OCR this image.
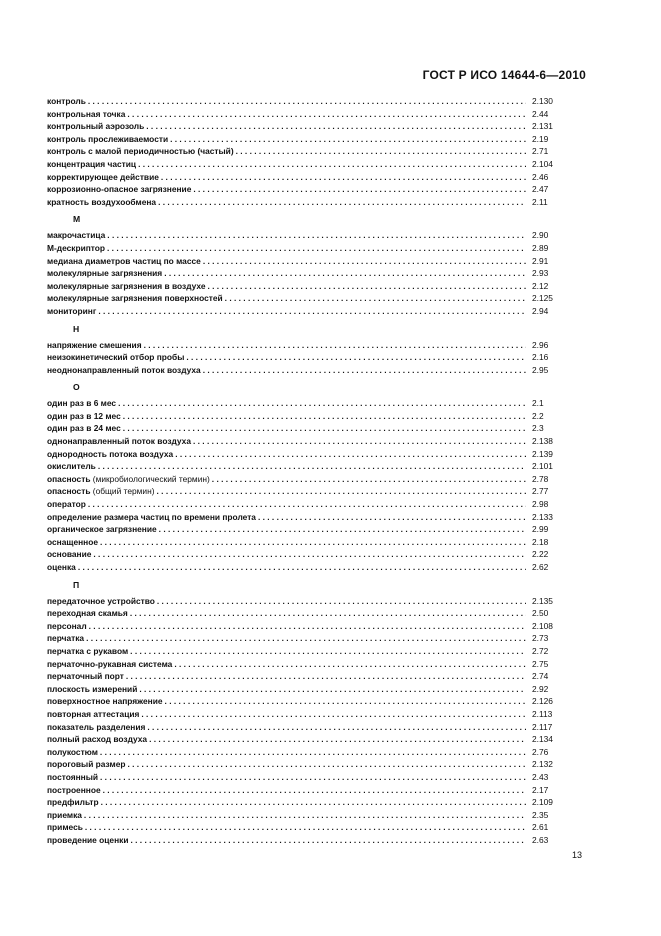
ГОСТ Р ИСО 14644-6—2010
контроль . . .	2.130
контрольная точка . . .	2.44
контрольный аэрозоль . . .	2.131
контроль прослеживаемости . . .	2.19
контроль с малой периодичностью (частый) . . .	2.71
концентрация частиц . . .	2.104
корректирующее действие . . .	2.46
коррозионно-опасное загрязнение . . .	2.47
кратность воздухообмена . . .	2.11
М
макрочастица . . .	2.90
М-дескриптор . . .	2.89
медиана диаметров частиц по массе . . .	2.91
молекулярные загрязнения . . .	2.93
молекулярные загрязнения в воздухе . . .	2.12
молекулярные загрязнения поверхностей . . .	2.125
мониторинг . . .	2.94
Н
напряжение смешения . . .	2.96
неизокинетический отбор пробы . . .	2.16
неоднонаправленный поток воздуха . . .	2.95
О
один раз в 6 мес . . .	2.1
один раз в 12 мес . . .	2.2
один раз в 24 мес . . .	2.3
однонаправленный поток воздуха . . .	2.138
однородность потока воздуха . . .	2.139
окислитель . . .	2.101
опасность (микробиологический термин) . . .	2.78
опасность (общий термин) . . .	2.77
оператор . . .	2.98
определение размера частиц по времени пролета . . .	2.133
органическое загрязнение . . .	2.99
оснащенное . . .	2.18
основание . . .	2.22
оценка . . .	2.62
П
передаточное устройство . . .	2.135
переходная скамья . . .	2.50
персонал . . .	2.108
перчатка . . .	2.73
перчатка с рукавом . . .	2.72
перчаточно-рукавная система . . .	2.75
перчаточный порт . . .	2.74
плоскость измерений . . .	2.92
поверхностное напряжение . . .	2.126
повторная аттестация . . .	2.113
показатель разделения . . .	2.117
полный расход воздуха . . .	2.134
полукостюм . . .	2.76
пороговый размер . . .	2.132
постоянный . . .	2.43
построенное . . .	2.17
предфильтр . . .	2.109
приемка . . .	2.35
примесь . . .	2.61
проведение оценки . . .	2.63
13
